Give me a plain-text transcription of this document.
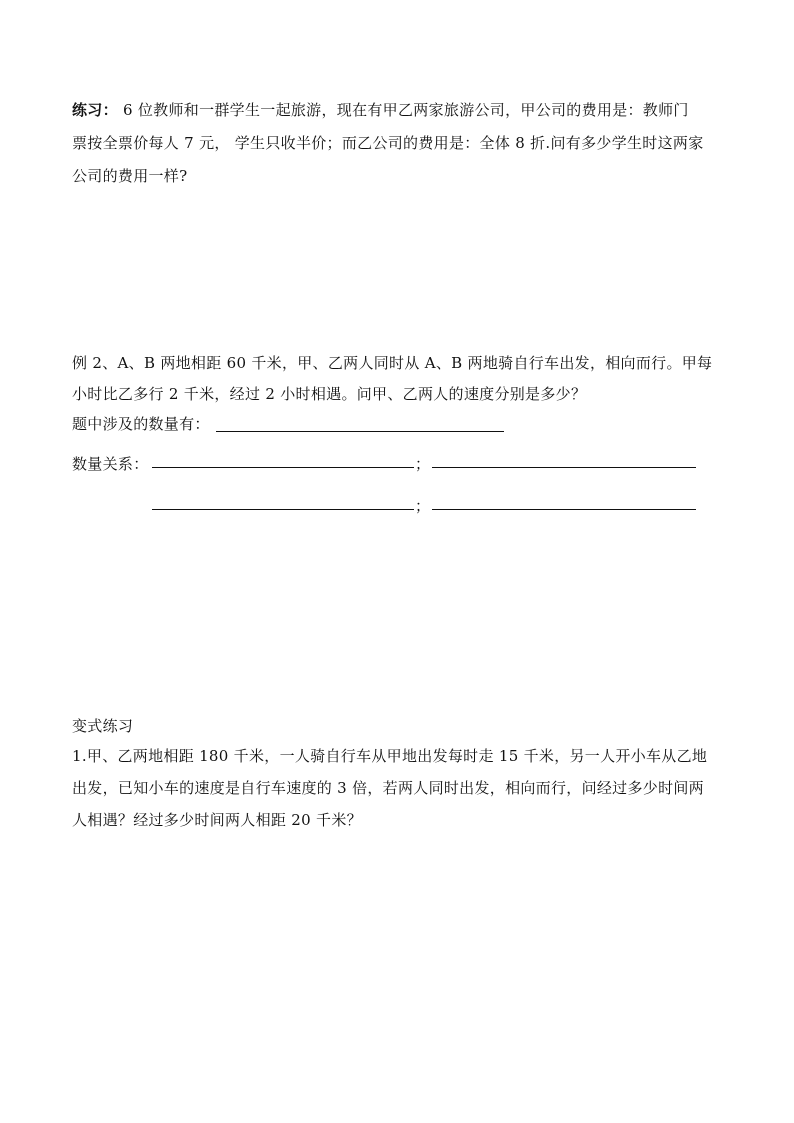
练习： 6 位教师和一群学生一起旅游，现在有甲乙两家旅游公司，甲公司的费用是：教师门
票按全票价每人 7 元， 学生只收半价；而乙公司的费用是：全体 8 折.问有多少学生时这两家
公司的费用一样?
例 2、A、B 两地相距 60 千米，甲、乙两人同时从 A、B 两地骑自行车出发，相向而行。甲每
小时比乙多行 2 千米，经过 2 小时相遇。问甲、乙两人的速度分别是多少？
题中涉及的数量有：
数量关系：	；
；
变式练习
1.甲、乙两地相距 180 千米，一人骑自行车从甲地出发每时走 15 千米，另一人开小车从乙地
出发，已知小车的速度是自行车速度的 3 倍，若两人同时出发，相向而行，问经过多少时间两
人相遇？经过多少时间两人相距 20 千米？
